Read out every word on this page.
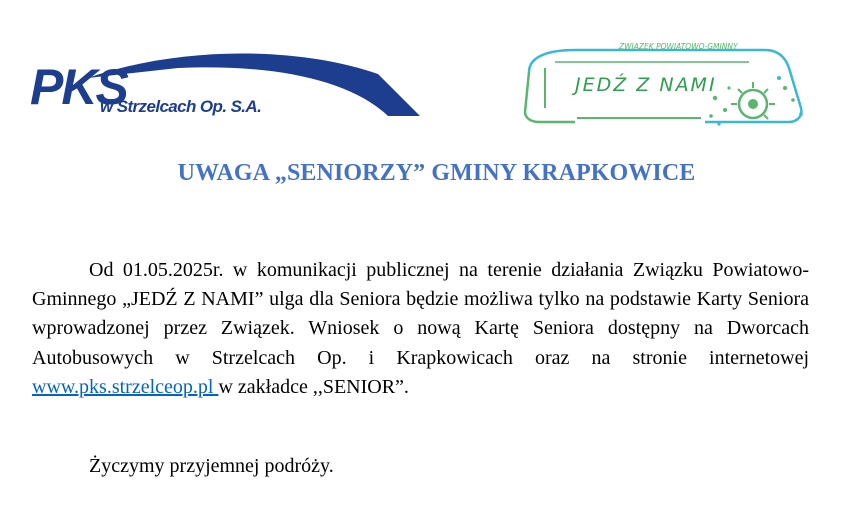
PKS
w Strzelcach Op. S.A.
ZWIĄZEK POWIATOWO-GMINNY
JEDŹ Z NAMI
UWAGA „SENIORZY” GMINY KRAPKOWICE

Od 01.05.2025r. w komunikacji publicznej na terenie działania Związku Powiatowo-Gminnego „JEDŹ Z NAMI” ulga dla Seniora będzie możliwa tylko na podstawie Karty Seniora wprowadzonej przez Związek. Wniosek o nową Kartę Seniora dostępny na Dworcach Autobusowych w Strzelcach Op. i Krapkowicach oraz na stronie internetowej www.pks.strzelceop.pl w zakładce ,,SENIOR”.

Życzymy przyjemnej podróży.
